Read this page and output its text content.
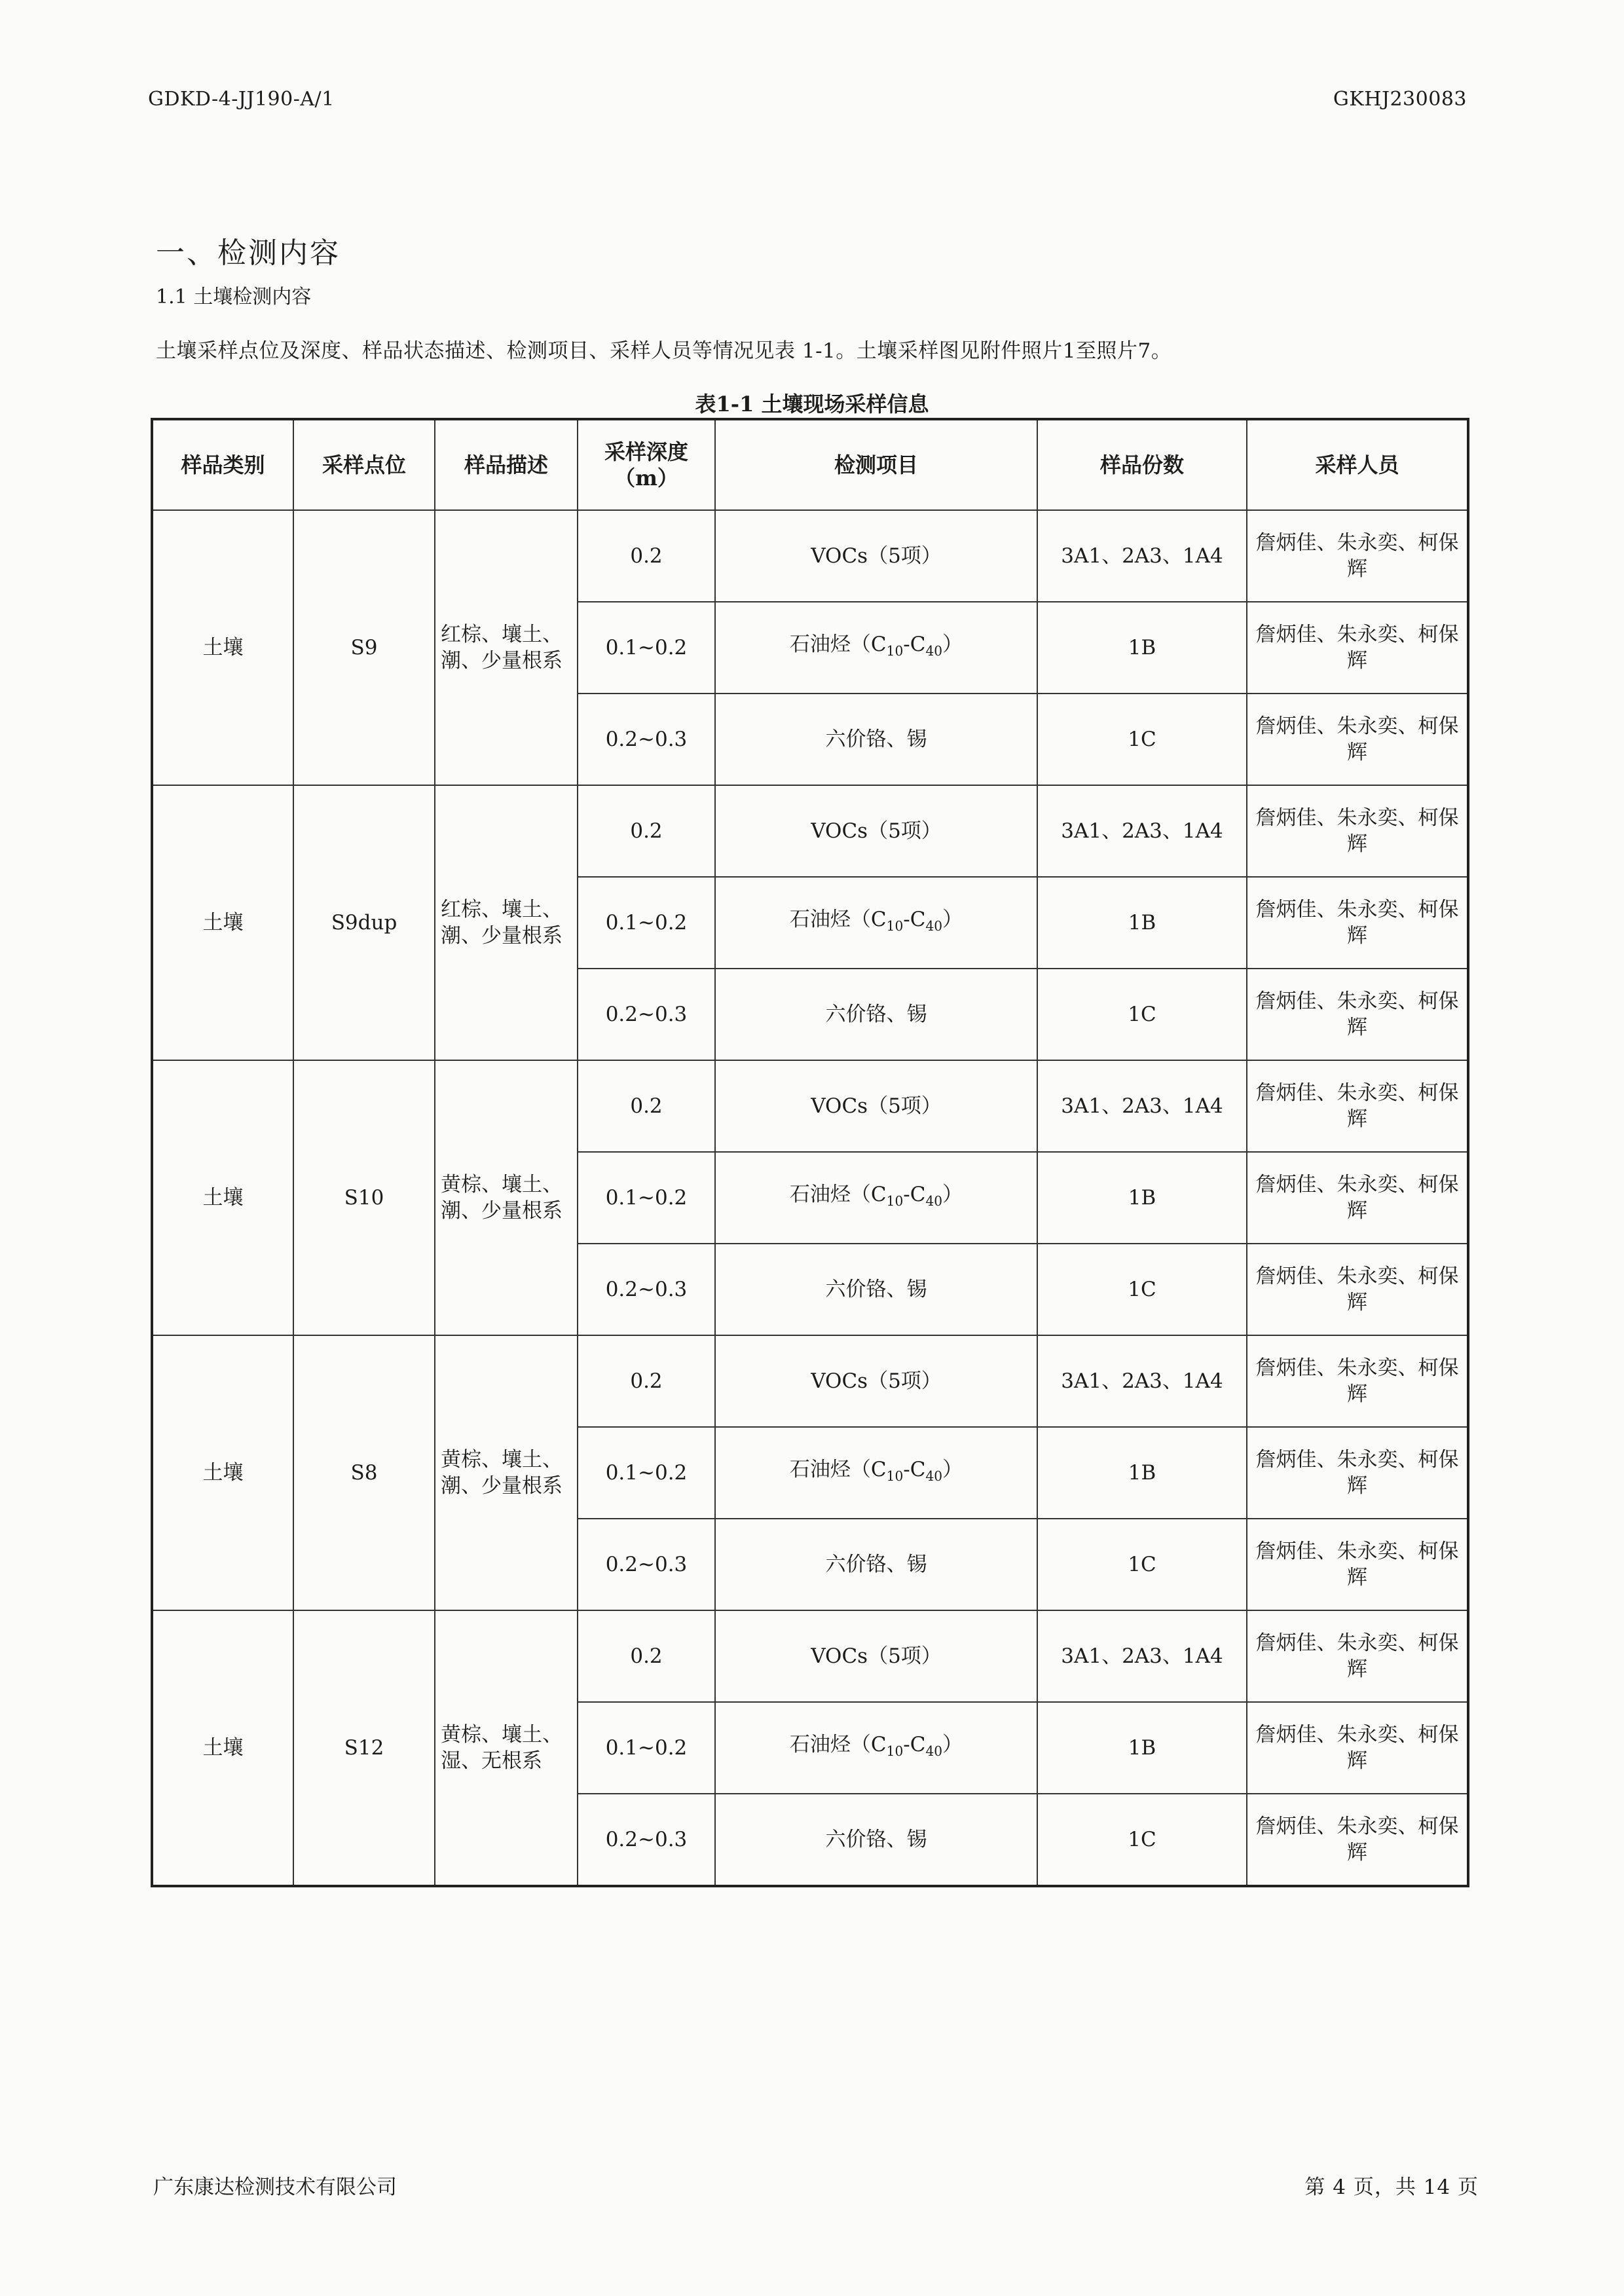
GDKD-4-JJ190-A/1	GKHJ230083
一、检测内容
1.1 土壤检测内容
土壤采样点位及深度、样品状态描述、检测项目、采样人员等情况见表 1-1。土壤采样图见附件照片1至照片7。
表1-1 土壤现场采样信息
样品类别	采样点位	样品描述	采样深度（m）	检测项目	样品份数	采样人员
土壤	S9	红棕、壤土、潮、少量根系	0.2	VOCs（5项）	3A1、2A3、1A4	詹炳佳、朱永奕、柯保辉
			0.1~0.2	石油烃$(C_{10}-C_{40})$	1B	詹炳佳、朱永奕、柯保辉
			0.2~0.3	六价铬、锡	1C	詹炳佳、朱永奕、柯保辉
土壤	S9dup	红棕、壤土、潮、少量根系	0.2	VOCs（5项）	3A1、2A3、1A4	詹炳佳、朱永奕、柯保辉
			0.1~0.2	石油烃$(C_{10}-C_{40})$	1B	詹炳佳、朱永奕、柯保辉
			0.2~0.3	六价铬、锡	1C	詹炳佳、朱永奕、柯保辉
土壤	S10	黄棕、壤土、潮、少量根系	0.2	VOCs（5项）	3A1、2A3、1A4	詹炳佳、朱永奕、柯保辉
			0.1~0.2	石油烃$(C_{10}-C_{40})$	1B	詹炳佳、朱永奕、柯保辉
			0.2~0.3	六价铬、锡	1C	詹炳佳、朱永奕、柯保辉
土壤	S8	黄棕、壤土、潮、少量根系	0.2	VOCs（5项）	3A1、2A3、1A4	詹炳佳、朱永奕、柯保辉
			0.1~0.2	石油烃$(C_{10}-C_{40})$	1B	詹炳佳、朱永奕、柯保辉
			0.2~0.3	六价铬、锡	1C	詹炳佳、朱永奕、柯保辉
土壤	S12	黄棕、壤土、湿、无根系	0.2	VOCs（5项）	3A1、2A3、1A4	詹炳佳、朱永奕、柯保辉
			0.1~0.2	石油烃$(C_{10}-C_{40})$	1B	詹炳佳、朱永奕、柯保辉
			0.2~0.3	六价铬、锡	1C	詹炳佳、朱永奕、柯保辉
广东康达检测技术有限公司	第 4 页，共 14 页
